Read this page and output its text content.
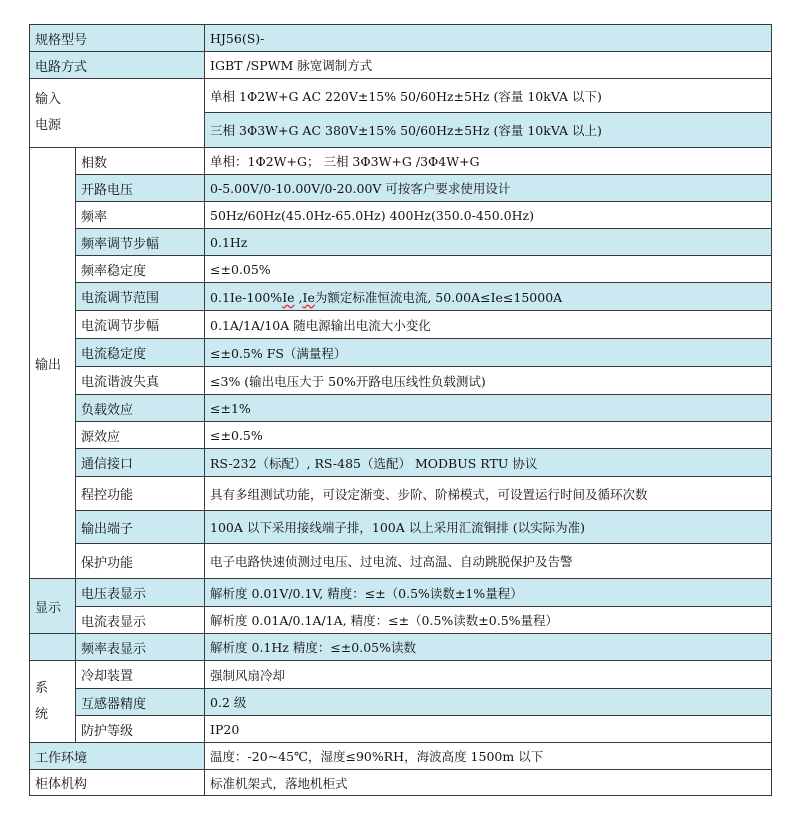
规格型号		HJ56(S)-
电路方式		IGBT /SPWM 脉宽调制方式

输入
电源		单相 1Φ2W+G AC 220V±15% 50/60Hz±5Hz (容量 10kVA 以下)
		三相 3Φ3W+G AC 380V±15% 50/60Hz±5Hz (容量 10kVA 以上)
输出	相数	单相：1Φ2W+G； 三相 3Φ3W+G /3Φ4W+G
	开路电压	0-5.00V/0-10.00V/0-20.00V 可按客户要求使用设计
	频率	50Hz/60Hz(45.0Hz-65.0Hz) 400Hz(350.0-450.0Hz)
	频率调节步幅	0.1Hz
	频率稳定度	≤±0.05%
	电流调节范围	0.1Ie-100%Ie ,Ie为额定标准恒流电流, 50.00A≤Ie≤15000A
	电流调节步幅	0.1A/1A/10A 随电源输出电流大小变化
	电流稳定度	≤±0.5% FS（满量程）
	电流谐波失真	≤3% (输出电压大于 50%开路电压线性负载测试)
	负载效应	≤±1%
	源效应	≤±0.5%
	通信接口	RS-232（标配）, RS-485（选配） MODBUS RTU 协议
	程控功能	具有多组测试功能，可设定渐变、步阶、阶梯模式，可设置运行时间及循环次数
	输出端子	100A 以下采用接线端子排，100A 以上采用汇流铜排 (以实际为准)
	保护功能	电子电路快速侦测过电压、过电流、过高温、自动跳脱保护及告警
显示	电压表显示	解析度 0.01V/0.1V, 精度：≤±（0.5%读数±1%量程）
	电流表显示	解析度 0.01A/0.1A/1A, 精度：≤±（0.5%读数±0.5%量程）
	频率表显示	解析度 0.1Hz 精度：≤±0.05%读数

系
统	冷却装置	强制风扇冷却
	互感器精度	0.2 级
	防护等级	IP20
工作环境		温度：-20~45℃，湿度≤90%RH，海波高度 1500m 以下
柜体机构		标准机架式，落地机柜式
